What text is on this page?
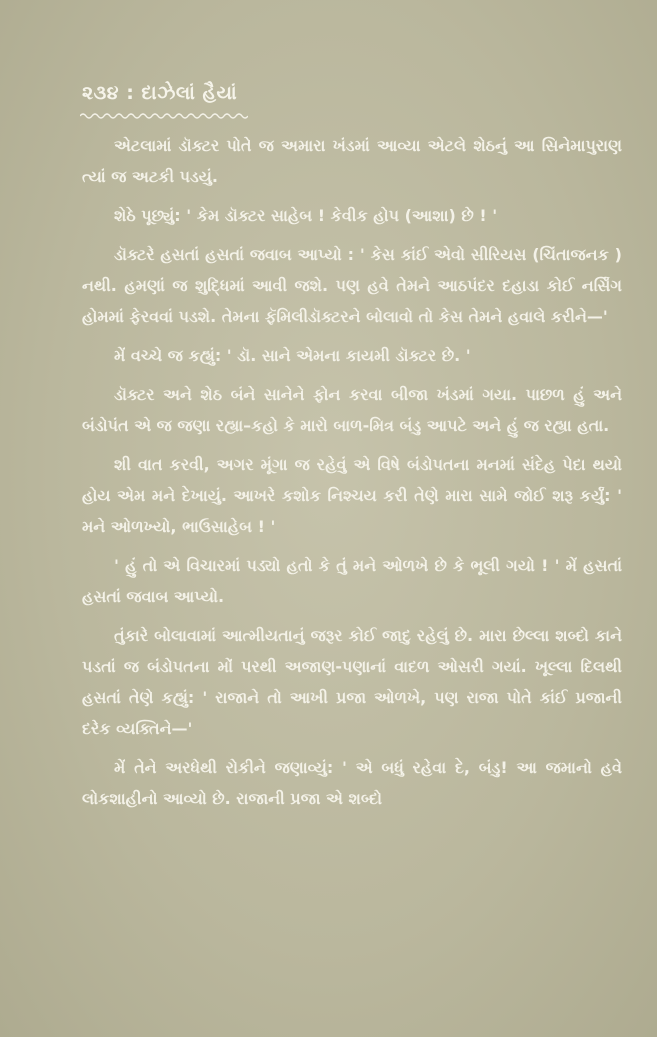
૨૩૪ : દાઝેલાં હૈયાં

એટલામાં ડૉક્ટર પોતે જ અમારા ખંડમાં આવ્યા એટલે શેઠનું આ સિનેમાપુરાણ ત્યાં જ અટકી પડયું.

શેઠે પૂછ્યું: ' કેમ ડૉક્ટર સાહેબ ! કેવીક હોપ (આશા) છે ! '

ડૉક્ટરે હસતાં હસતાં જવાબ આપ્યો : ' કેસ કાંઈ એવો સીરિયસ (ચિંતાજનક ) નથી. હમણાં જ શુદ્ધિમાં આવી જશે. પણ હવે તેમને આઠપંદર દહાડા કોઈ નર્સિંગ હોમમાં ફેરવવાં પડશે. તેમના ફૅમિલીડૉક્ટરને બોલાવો તો કેસ તેમને હવાલે કરીને—'

મેં વચ્ચે જ કહ્યું: ' ડૉ. સાને એમના કાયમી ડૉક્ટર છે. '

ડૉક્ટર અને શેઠ બંને સાનેને ફોન કરવા બીજા ખંડમાં ગયા. પાછળ હું અને બંડોપંત એ જ જણા રહ્યા–કહો કે મારો બાળ-મિત્ર બંડુ આપટે અને હું જ રહ્યા હતા.

શી વાત કરવી, અગર મૂંગા જ રહેવું એ વિષે બંડોપતના મનમાં સંદેહ પેદા થયો હોય એમ મને દેખાયું. આખરે કશોક નિશ્ચય કરી તેણે મારા સામે જોઈ શરૂ કર્યું: ' મને ઓળખ્યો, ભાઉસાહેબ ! '

' હું તો એ વિચારમાં પડ્યો હતો કે તું મને ઓળખે છે કે ભૂલી ગયો ! ' મેં હસતાં હસતાં જવાબ આપ્યો.

તુંકારે બોલાવામાં આત્મીયતાનું જરૂર કોઈ જાદુ રહેલું છે. મારા છેલ્લા શબ્દો કાને પડતાં જ બંડોપતના મોં પરથી અજાણ-પણાનાં વાદળ ઓસરી ગયાં. ખૂલ્લા દિલથી હસતાં તેણે કહ્યું: ' રાજાને તો આખી પ્રજા ઓળખે, પણ રાજા પોતે કાંઈ પ્રજાની દરેક વ્યક્તિને—'

મેં તેને અરધેથી રોકીને જણાવ્યું: ' એ બધું રહેવા દે, બંડુ! આ જમાનો હવે લોકશાહીનો આવ્યો છે. રાજાની પ્રજા એ શબ્દો
